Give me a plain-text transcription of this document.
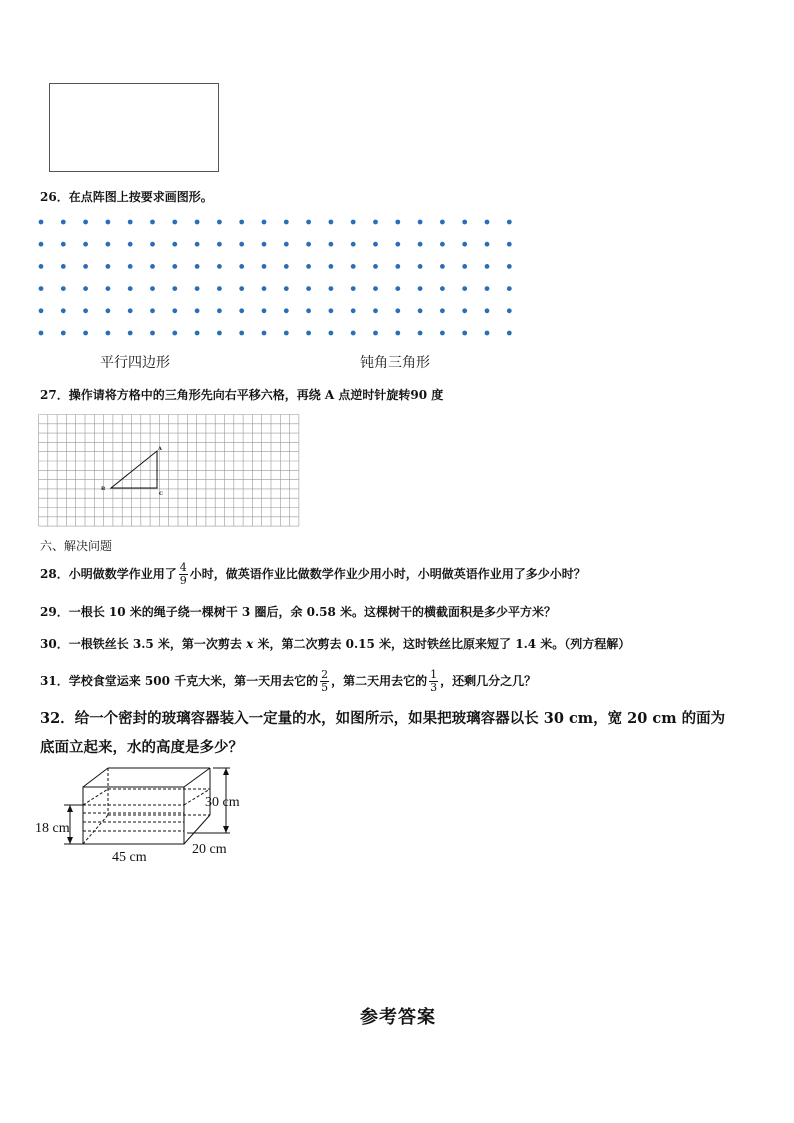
26．在点阵图上按要求画图形。
平行四边形	钝角三角形
27．操作请将方格中的三角形先向右平移六格，再绕 A 点逆时针旋转90 度
A
B
C
六、解决问题
28．小明做数学作业用了 $\frac{4}{9}$ 小时，做英语作业比做数学作业少用小时，小明做英语作业用了多少小时？
29．一根长 10 米的绳子绕一棵树干 3 圈后，余 0.58 米。这棵树干的横截面积是多少平方米？
30．一根铁丝长 3.5 米，第一次剪去 x 米，第二次剪去 0.15 米，这时铁丝比原来短了 1.4 米。（列方程解）
31．学校食堂运来 500 千克大米，第一天用去它的 $\frac{2}{5}$ ，第二天用去它的 $\frac{1}{3}$ ，还剩几分之几？
32．给一个密封的玻璃容器装入一定量的水，如图所示，如果把玻璃容器以长 30 cm，宽 20 cm 的面为
底面立起来，水的高度是多少？
30 cm
18 cm
45 cm
20 cm
参考答案
